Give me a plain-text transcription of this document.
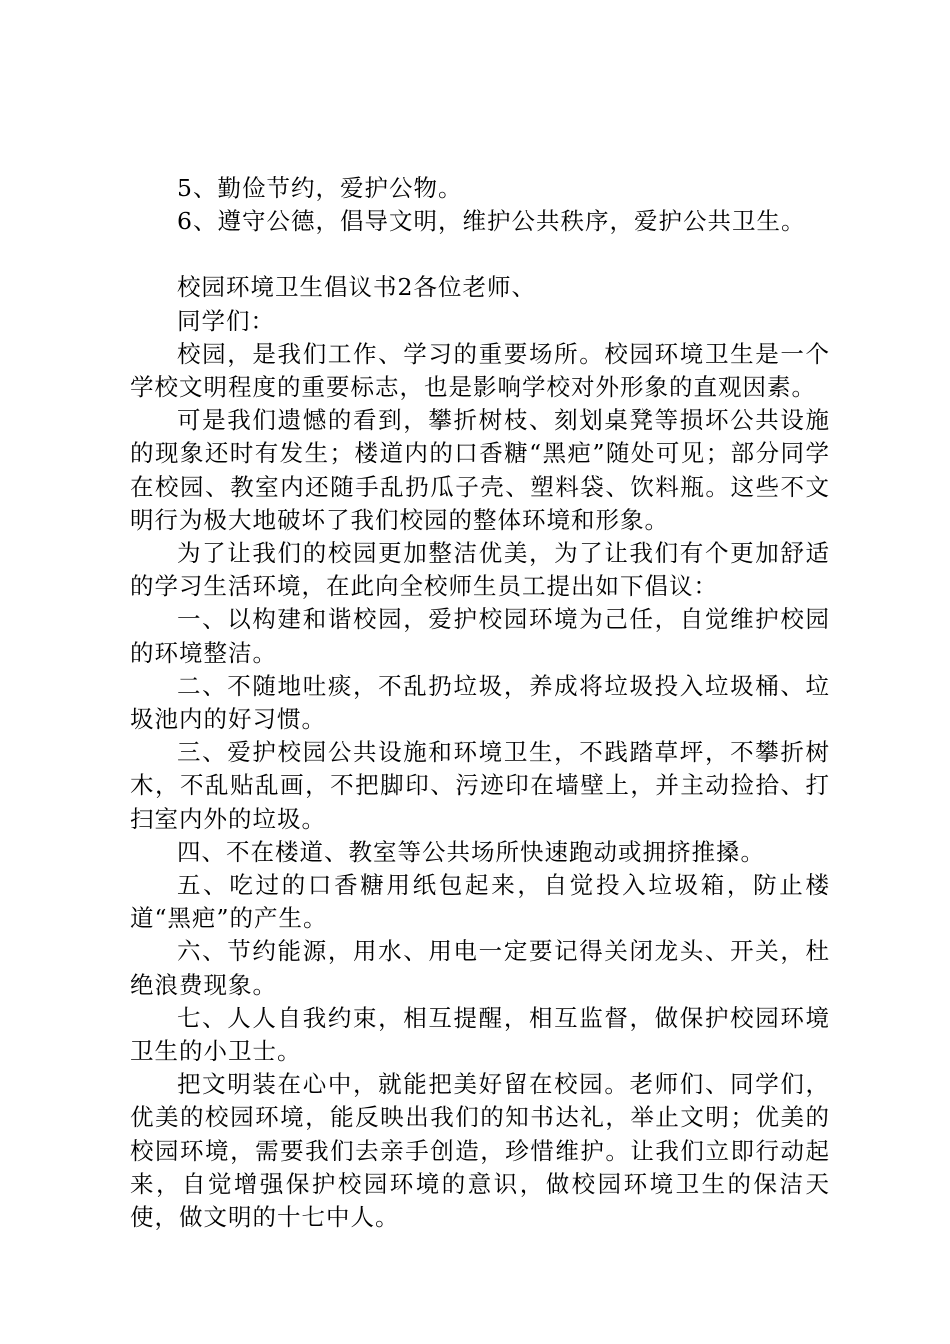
5、勤俭节约，爱护公物。

6、遵守公德，倡导文明，维护公共秩序，爱护公共卫生。

校园环境卫生倡议书2各位老师、

同学们：

校园，是我们工作、学习的重要场所。校园环境卫生是一个学校文明程度的重要标志，也是影响学校对外形象的直观因素。

可是我们遗憾的看到，攀折树枝、刻划桌凳等损坏公共设施的现象还时有发生；楼道内的口香糖“黑疤”随处可见；部分同学在校园、教室内还随手乱扔瓜子壳、塑料袋、饮料瓶。这些不文明行为极大地破坏了我们校园的整体环境和形象。

为了让我们的校园更加整洁优美，为了让我们有个更加舒适的学习生活环境，在此向全校师生员工提出如下倡议：

一、以构建和谐校园，爱护校园环境为己任，自觉维护校园的环境整洁。

二、不随地吐痰，不乱扔垃圾，养成将垃圾投入垃圾桶、垃圾池内的好习惯。

三、爱护校园公共设施和环境卫生，不践踏草坪，不攀折树木，不乱贴乱画，不把脚印、污迹印在墙壁上，并主动捡拾、打扫室内外的垃圾。

四、不在楼道、教室等公共场所快速跑动或拥挤推搡。

五、吃过的口香糖用纸包起来，自觉投入垃圾箱，防止楼道“黑疤”的产生。

六、节约能源，用水、用电一定要记得关闭龙头、开关，杜绝浪费现象。

七、人人自我约束，相互提醒，相互监督，做保护校园环境卫生的小卫士。

把文明装在心中，就能把美好留在校园。老师们、同学们，优美的校园环境，能反映出我们的知书达礼，举止文明；优美的校园环境，需要我们去亲手创造，珍惜维护。让我们立即行动起来，自觉增强保护校园环境的意识，做校园环境卫生的保洁天使，做文明的十七中人。
